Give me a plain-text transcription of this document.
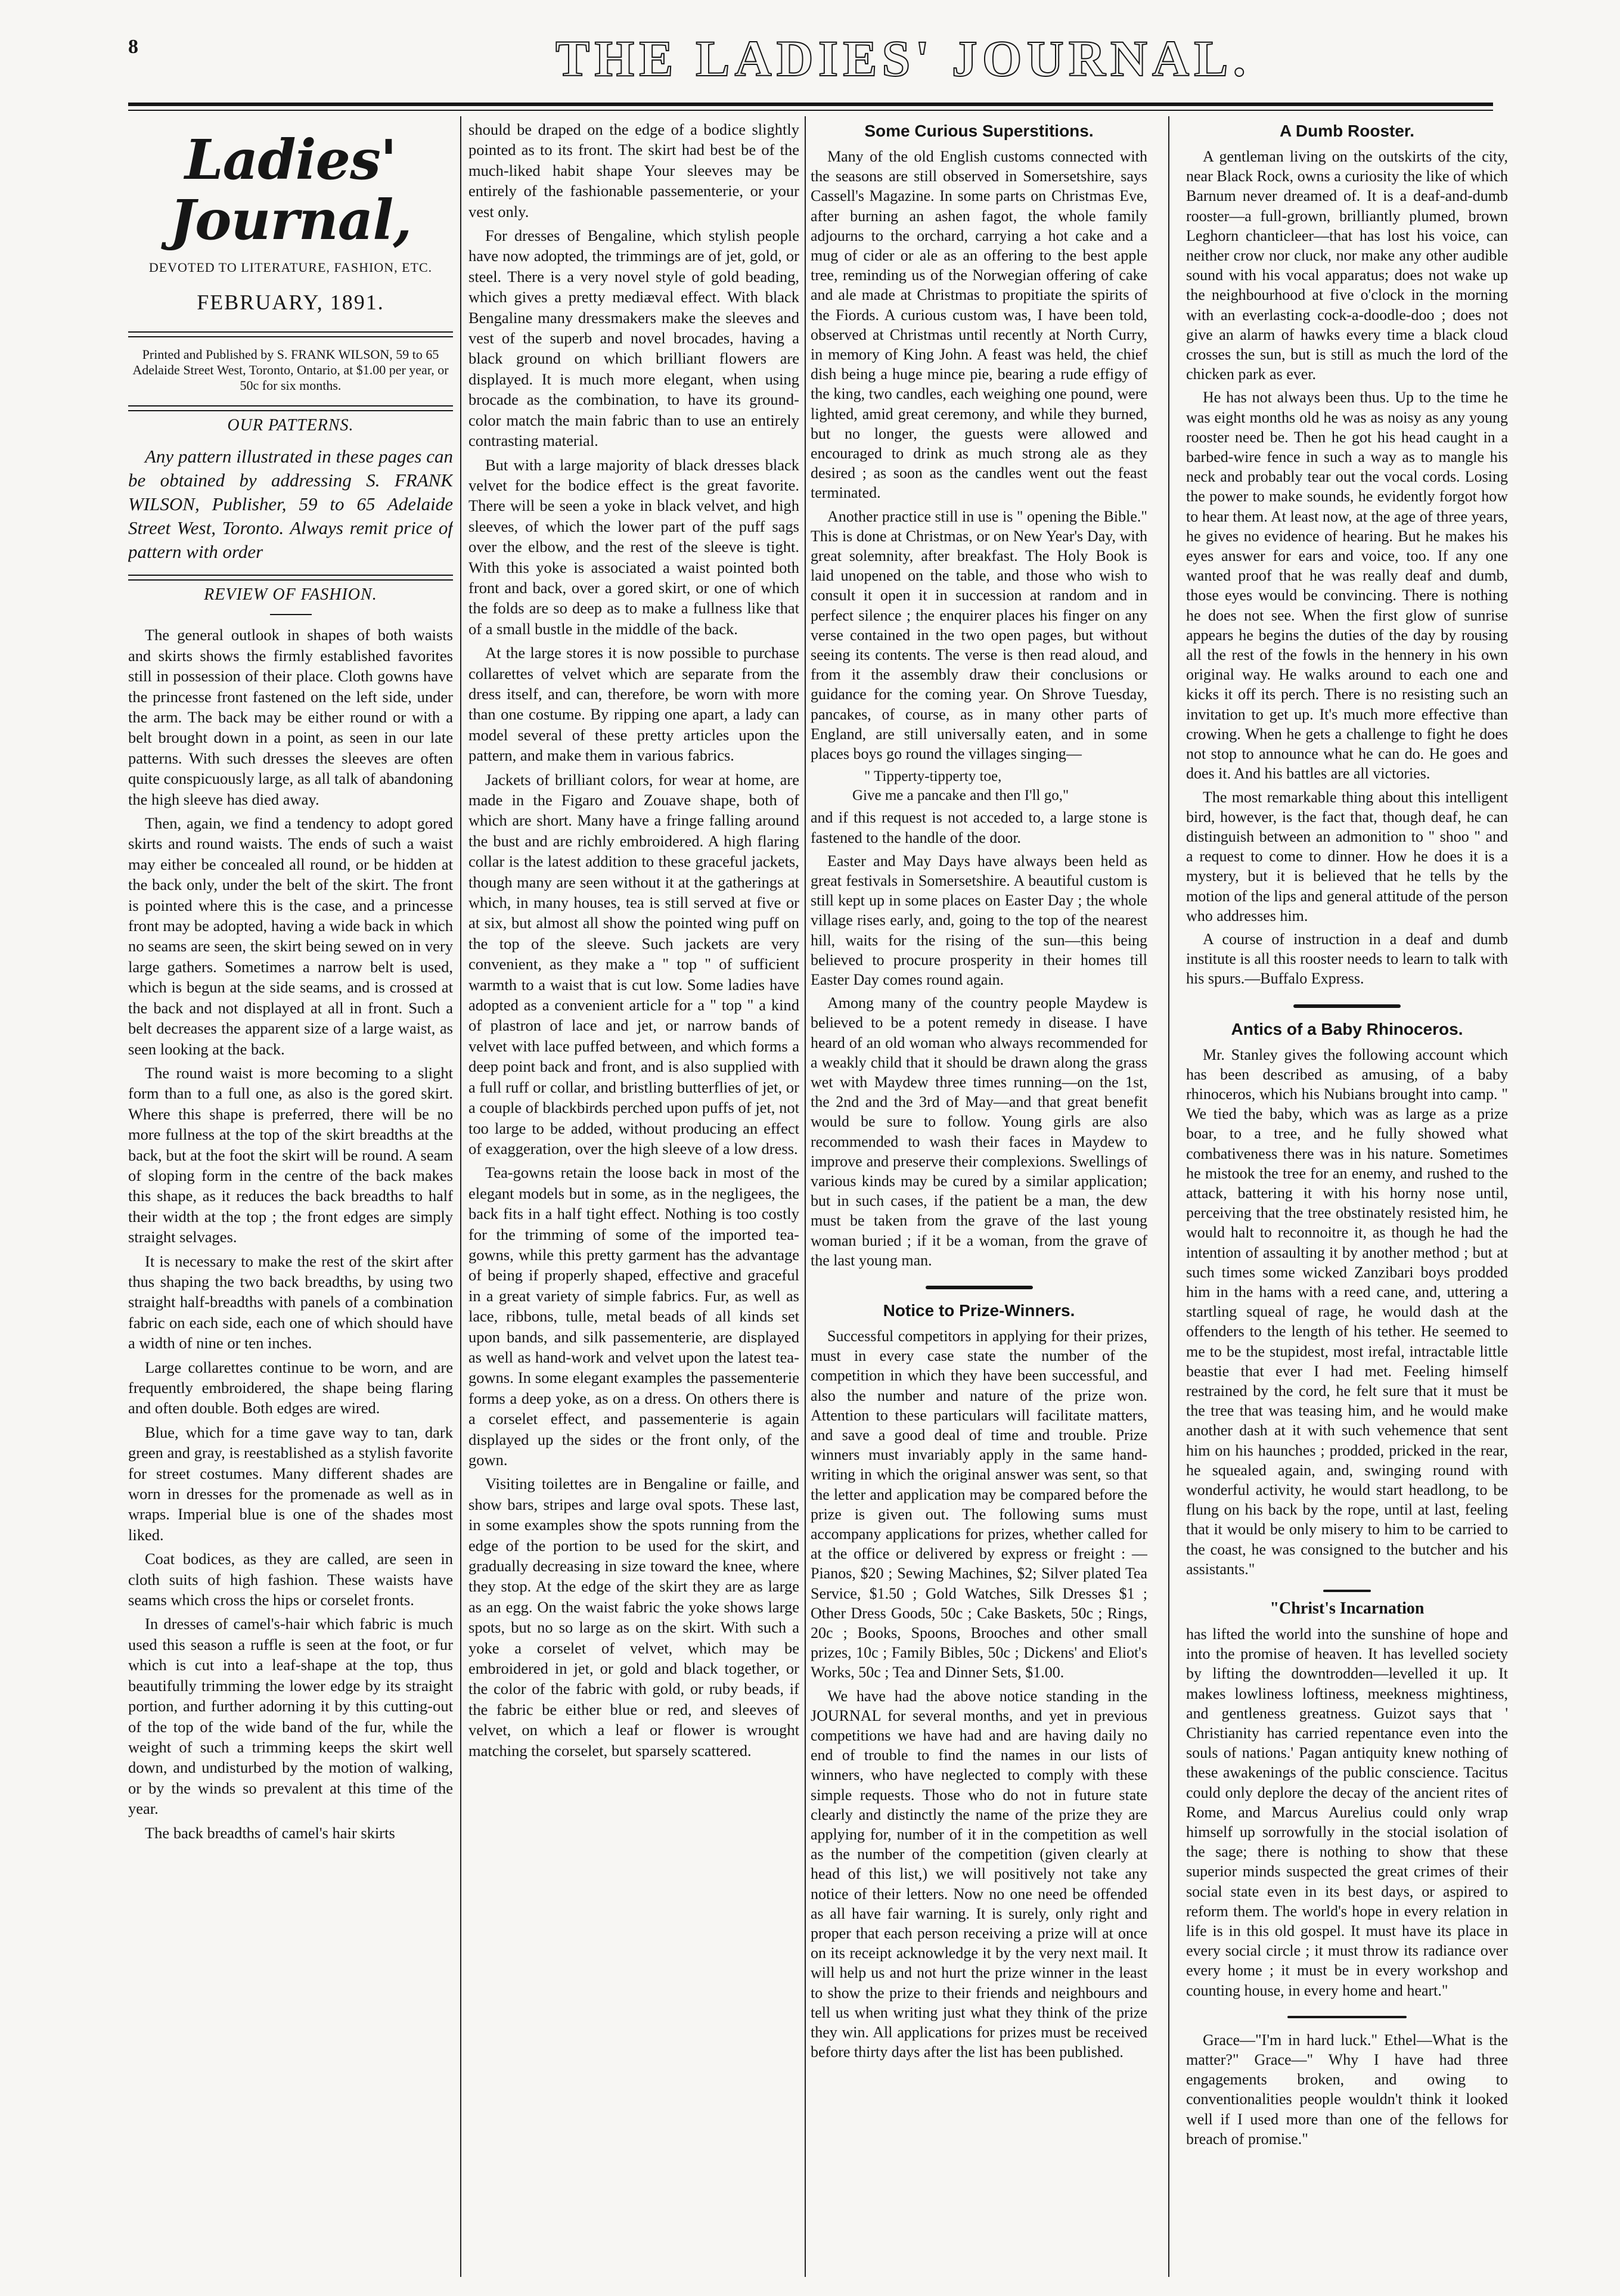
8	THE LADIES' JOURNAL.
Ladies' Journal,
DEVOTED TO LITERATURE, FASHION, ETC.
FEBRUARY, 1891.
Printed and Published by S. FRANK WILSON, 59 to 65 Adelaide Street West, Toronto, Ontario, at $1.00 per year, or 50c for six months.
OUR PATTERNS.
Any pattern illustrated in these pages can be obtained by addressing S. FRANK WILSON, Publisher, 59 to 65 Adelaide Street West, Toronto. Always remit price of pattern with order
REVIEW OF FASHION.

The general outlook in shapes of both waists and skirts shows the firmly established favorites still in possession of their place. Cloth gowns have the princesse front fastened on the left side, under the arm. The back may be either round or with a belt brought down in a point, as seen in our late patterns. With such dresses the sleeves are often quite conspicuously large, as all talk of abandoning the high sleeve has died away.

Then, again, we find a tendency to adopt gored skirts and round waists. The ends of such a waist may either be concealed all round, or be hidden at the back only, under the belt of the skirt. The front is pointed where this is the case, and a princesse front may be adopted, having a wide back in which no seams are seen, the skirt being sewed on in very large gathers. Sometimes a narrow belt is used, which is begun at the side seams, and is crossed at the back and not displayed at all in front. Such a belt decreases the apparent size of a large waist, as seen looking at the back.

The round waist is more becoming to a slight form than to a full one, as also is the gored skirt. Where this shape is preferred, there will be no more fullness at the top of the skirt breadths at the back, but at the foot the skirt will be round. A seam of sloping form in the centre of the back makes this shape, as it reduces the back breadths to half their width at the top ; the front edges are simply straight selvages.

It is necessary to make the rest of the skirt after thus shaping the two back breadths, by using two straight half-breadths with panels of a combination fabric on each side, each one of which should have a width of nine or ten inches.

Large collarettes continue to be worn, and are frequently embroidered, the shape being flaring and often double. Both edges are wired.

Blue, which for a time gave way to tan, dark green and gray, is reestablished as a stylish favorite for street costumes. Many different shades are worn in dresses for the promenade as well as in wraps. Imperial blue is one of the shades most liked.

Coat bodices, as they are called, are seen in cloth suits of high fashion. These waists have seams which cross the hips or corselet fronts.

In dresses of camel's-hair which fabric is much used this season a ruffle is seen at the foot, or fur which is cut into a leaf-shape at the top, thus beautifully trimming the lower edge by its straight portion, and further adorning it by this cutting-out of the top of the wide band of the fur, while the weight of such a trimming keeps the skirt well down, and undisturbed by the motion of walking, or by the winds so prevalent at this time of the year.

The back breadths of camel's hair skirts

should be draped on the edge of a bodice slightly pointed as to its front. The skirt had best be of the much-liked habit shape Your sleeves may be entirely of the fashionable passementerie, or your vest only.

For dresses of Bengaline, which stylish people have now adopted, the trimmings are of jet, gold, or steel. There is a very novel style of gold beading, which gives a pretty mediæval effect. With black Bengaline many dressmakers make the sleeves and vest of the superb and novel brocades, having a black ground on which brilliant flowers are displayed. It is much more elegant, when using brocade as the combination, to have its ground-color match the main fabric than to use an entirely contrasting material.

But with a large majority of black dresses black velvet for the bodice effect is the great favorite. There will be seen a yoke in black velvet, and high sleeves, of which the lower part of the puff sags over the elbow, and the rest of the sleeve is tight. With this yoke is associated a waist pointed both front and back, over a gored skirt, or one of which the folds are so deep as to make a fullness like that of a small bustle in the middle of the back.

At the large stores it is now possible to purchase collarettes of velvet which are separate from the dress itself, and can, therefore, be worn with more than one costume. By ripping one apart, a lady can model several of these pretty articles upon the pattern, and make them in various fabrics.

Jackets of brilliant colors, for wear at home, are made in the Figaro and Zouave shape, both of which are short. Many have a fringe falling around the bust and are richly embroidered. A high flaring collar is the latest addition to these graceful jackets, though many are seen without it at the gatherings at which, in many houses, tea is still served at five or at six, but almost all show the pointed wing puff on the top of the sleeve. Such jackets are very convenient, as they make a " top " of sufficient warmth to a waist that is cut low. Some ladies have adopted as a convenient article for a " top " a kind of plastron of lace and jet, or narrow bands of velvet with lace puffed between, and which forms a deep point back and front, and is also supplied with a full ruff or collar, and bristling butterflies of jet, or a couple of blackbirds perched upon puffs of jet, not too large to be added, without producing an effect of exaggeration, over the high sleeve of a low dress.

Tea-gowns retain the loose back in most of the elegant models but in some, as in the negligees, the back fits in a half tight effect. Nothing is too costly for the trimming of some of the imported tea-gowns, while this pretty garment has the advantage of being if properly shaped, effective and graceful in a great variety of simple fabrics. Fur, as well as lace, ribbons, tulle, metal beads of all kinds set upon bands, and silk passementerie, are displayed as well as hand-work and velvet upon the latest tea-gowns. In some elegant examples the passementerie forms a deep yoke, as on a dress. On others there is a corselet effect, and passementerie is again displayed up the sides or the front only, of the gown.

Visiting toilettes are in Bengaline or faille, and show bars, stripes and large oval spots. These last, in some examples show the spots running from the edge of the portion to be used for the skirt, and gradually decreasing in size toward the knee, where they stop. At the edge of the skirt they are as large as an egg. On the waist fabric the yoke shows large spots, but no so large as on the skirt. With such a yoke a corselet of velvet, which may be embroidered in jet, or gold and black together, or the color of the fabric with gold, or ruby beads, if the fabric be either blue or red, and sleeves of velvet, on which a leaf or flower is wrought matching the corselet, but sparsely scattered.

Some Curious Superstitions.

Many of the old English customs connected with the seasons are still observed in Somersetshire, says Cassell's Magazine. In some parts on Christmas Eve, after burning an ashen fagot, the whole family adjourns to the orchard, carrying a hot cake and a mug of cider or ale as an offering to the best apple tree, reminding us of the Norwegian offering of cake and ale made at Christmas to propitiate the spirits of the Fiords. A curious custom was, I have been told, observed at Christmas until recently at North Curry, in memory of King John. A feast was held, the chief dish being a huge mince pie, bearing a rude effigy of the king, two candles, each weighing one pound, were lighted, amid great ceremony, and while they burned, but no longer, the guests were allowed and encouraged to drink as much strong ale as they desired ; as soon as the candles went out the feast terminated.

Another practice still in use is " opening the Bible." This is done at Christmas, or on New Year's Day, with great solemnity, after breakfast. The Holy Book is laid unopened on the table, and those who wish to consult it open it in succession at random and in perfect silence ; the enquirer places his finger on any verse contained in the two open pages, but without seeing its contents. The verse is then read aloud, and from it the assembly draw their conclusions or guidance for the coming year. On Shrove Tuesday, pancakes, of course, as in many other parts of England, are still universally eaten, and in some places boys go round the villages singing—

" Tipperty-tipperty toe,
Give me a pancake and then I'll go,"

and if this request is not acceded to, a large stone is fastened to the handle of the door.

Easter and May Days have always been held as great festivals in Somersetshire. A beautiful custom is still kept up in some places on Easter Day ; the whole village rises early, and, going to the top of the nearest hill, waits for the rising of the sun—this being believed to procure prosperity in their homes till Easter Day comes round again.

Among many of the country people Maydew is believed to be a potent remedy in disease. I have heard of an old woman who always recommended for a weakly child that it should be drawn along the grass wet with Maydew three times running—on the 1st, the 2nd and the 3rd of May—and that great benefit would be sure to follow. Young girls are also recommended to wash their faces in Maydew to improve and preserve their complexions. Swellings of various kinds may be cured by a similar application; but in such cases, if the patient be a man, the dew must be taken from the grave of the last young woman buried ; if it be a woman, from the grave of the last young man.

Notice to Prize-Winners.

Successful competitors in applying for their prizes, must in every case state the number of the competition in which they have been successful, and also the number and nature of the prize won. Attention to these particulars will facilitate matters, and save a good deal of time and trouble. Prize winners must invariably apply in the same hand-writing in which the original answer was sent, so that the letter and application may be compared before the prize is given out. The following sums must accompany applications for prizes, whether called for at the office or delivered by express or freight : —Pianos, $20 ; Sewing Machines, $2; Silver plated Tea Service, $1.50 ; Gold Watches, Silk Dresses $1 ; Other Dress Goods, 50c ; Cake Baskets, 50c ; Rings, 20c ; Books, Spoons, Brooches and other small prizes, 10c ; Family Bibles, 50c ; Dickens' and Eliot's Works, 50c ; Tea and Dinner Sets, $1.00.

We have had the above notice standing in the JOURNAL for several months, and yet in previous competitions we have had and are having daily no end of trouble to find the names in our lists of winners, who have neglected to comply with these simple requests. Those who do not in future state clearly and distinctly the name of the prize they are applying for, number of it in the competition as well as the number of the competition (given clearly at head of this list,) we will positively not take any notice of their letters. Now no one need be offended as all have fair warning. It is surely, only right and proper that each person receiving a prize will at once on its receipt acknowledge it by the very next mail. It will help us and not hurt the prize winner in the least to show the prize to their friends and neighbours and tell us when writing just what they think of the prize they win. All applications for prizes must be received before thirty days after the list has been published.

A Dumb Rooster.

A gentleman living on the outskirts of the city, near Black Rock, owns a curiosity the like of which Barnum never dreamed of. It is a deaf-and-dumb rooster—a full-grown, brilliantly plumed, brown Leghorn chanticleer—that has lost his voice, can neither crow nor cluck, nor make any other audible sound with his vocal apparatus; does not wake up the neighbourhood at five o'clock in the morning with an everlasting cock-a-doodle-doo ; does not give an alarm of hawks every time a black cloud crosses the sun, but is still as much the lord of the chicken park as ever.

He has not always been thus. Up to the time he was eight months old he was as noisy as any young rooster need be. Then he got his head caught in a barbed-wire fence in such a way as to mangle his neck and probably tear out the vocal cords. Losing the power to make sounds, he evidently forgot how to hear them. At least now, at the age of three years, he gives no evidence of hearing. But he makes his eyes answer for ears and voice, too. If any one wanted proof that he was really deaf and dumb, those eyes would be convincing. There is nothing he does not see. When the first glow of sunrise appears he begins the duties of the day by rousing all the rest of the fowls in the hennery in his own original way. He walks around to each one and kicks it off its perch. There is no resisting such an invitation to get up. It's much more effective than crowing. When he gets a challenge to fight he does not stop to announce what he can do. He goes and does it. And his battles are all victories.

The most remarkable thing about this intelligent bird, however, is the fact that, though deaf, he can distinguish between an admonition to " shoo " and a request to come to dinner. How he does it is a mystery, but it is believed that he tells by the motion of the lips and general attitude of the person who addresses him.

A course of instruction in a deaf and dumb institute is all this rooster needs to learn to talk with his spurs.—Buffalo Express.

Antics of a Baby Rhinoceros.

Mr. Stanley gives the following account which has been described as amusing, of a baby rhinoceros, which his Nubians brought into camp. " We tied the baby, which was as large as a prize boar, to a tree, and he fully showed what combativeness there was in his nature. Sometimes he mistook the tree for an enemy, and rushed to the attack, battering it with his horny nose until, perceiving that the tree obstinately resisted him, he would halt to reconnoitre it, as though he had the intention of assaulting it by another method ; but at such times some wicked Zanzibari boys prodded him in the hams with a reed cane, and, uttering a startling squeal of rage, he would dash at the offenders to the length of his tether. He seemed to me to be the stupidest, most irefal, intractable little beastie that ever I had met. Feeling himself restrained by the cord, he felt sure that it must be the tree that was teasing him, and he would make another dash at it with such vehemence that sent him on his haunches ; prodded, pricked in the rear, he squealed again, and, swinging round with wonderful activity, he would start headlong, to be flung on his back by the rope, until at last, feeling that it would be only misery to him to be carried to the coast, he was consigned to the butcher and his assistants."

"Christ's Incarnation

has lifted the world into the sunshine of hope and into the promise of heaven. It has levelled society by lifting the downtrodden—levelled it up. It makes lowliness loftiness, meekness mightiness, and gentleness greatness. Guizot says that ' Christianity has carried repentance even into the souls of nations.' Pagan antiquity knew nothing of these awakenings of the public conscience. Tacitus could only deplore the decay of the ancient rites of Rome, and Marcus Aurelius could only wrap himself up sorrowfully in the stocial isolation of the sage; there is nothing to show that these superior minds suspected the great crimes of their social state even in its best days, or aspired to reform them. The world's hope in every relation in life is in this old gospel. It must have its place in every social circle ; it must throw its radiance over every home ; it must be in every workshop and counting house, in every home and heart."

Grace—"I'm in hard luck." Ethel—What is the matter?" Grace—" Why I have had three engagements broken, and owing to conventionalities people wouldn't think it looked well if I used more than one of the fellows for breach of promise."
